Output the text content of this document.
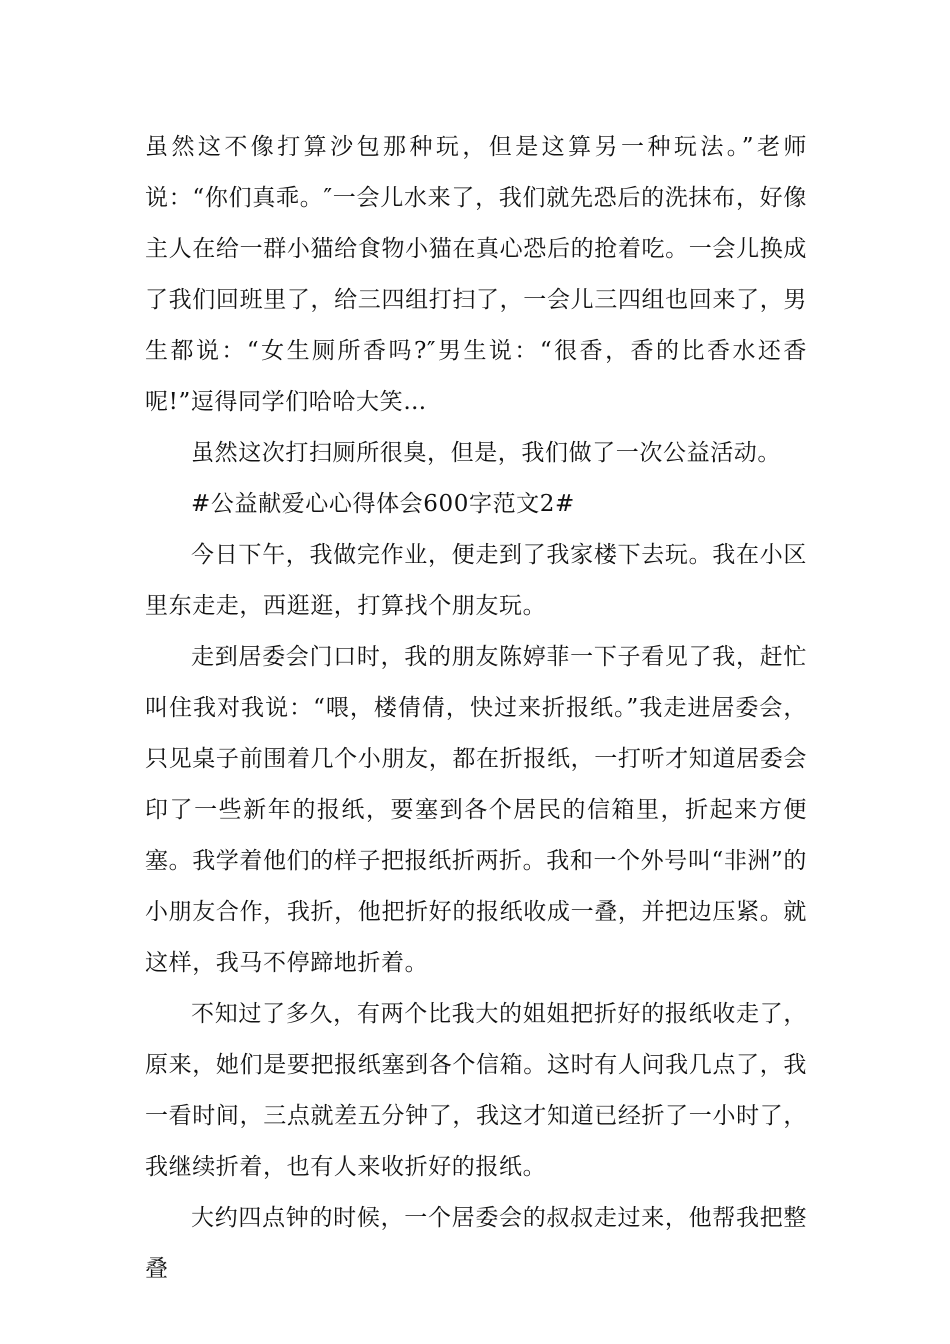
虽然这不像打算沙包那种玩，但是这算另一种玩法。”老师说：“你们真乖。″一会儿水来了，我们就先恐后的洗抹布，好像主人在给一群小猫给食物小猫在真心恐后的抢着吃。一会儿换成了我们回班里了，给三四组打扫了，一会儿三四组也回来了，男生都说：“女生厕所香吗?″男生说：“很香，香的比香水还香呢!”逗得同学们哈哈大笑…

虽然这次打扫厕所很臭，但是，我们做了一次公益活动。

#公益献爱心心得体会600字范文2#

今日下午，我做完作业，便走到了我家楼下去玩。我在小区里东走走，西逛逛，打算找个朋友玩。

走到居委会门口时，我的朋友陈婷菲一下子看见了我，赶忙叫住我对我说：“喂，楼倩倩，快过来折报纸。”我走进居委会，只见桌子前围着几个小朋友，都在折报纸，一打听才知道居委会印了一些新年的报纸，要塞到各个居民的信箱里，折起来方便塞。我学着他们的样子把报纸折两折。我和一个外号叫“非洲”的小朋友合作，我折，他把折好的报纸收成一叠，并把边压紧。就这样，我马不停蹄地折着。

不知过了多久，有两个比我大的姐姐把折好的报纸收走了，原来，她们是要把报纸塞到各个信箱。这时有人问我几点了，我一看时间，三点就差五分钟了，我这才知道已经折了一小时了，我继续折着，也有人来收折好的报纸。

大约四点钟的时候，一个居委会的叔叔走过来，他帮我把整叠
